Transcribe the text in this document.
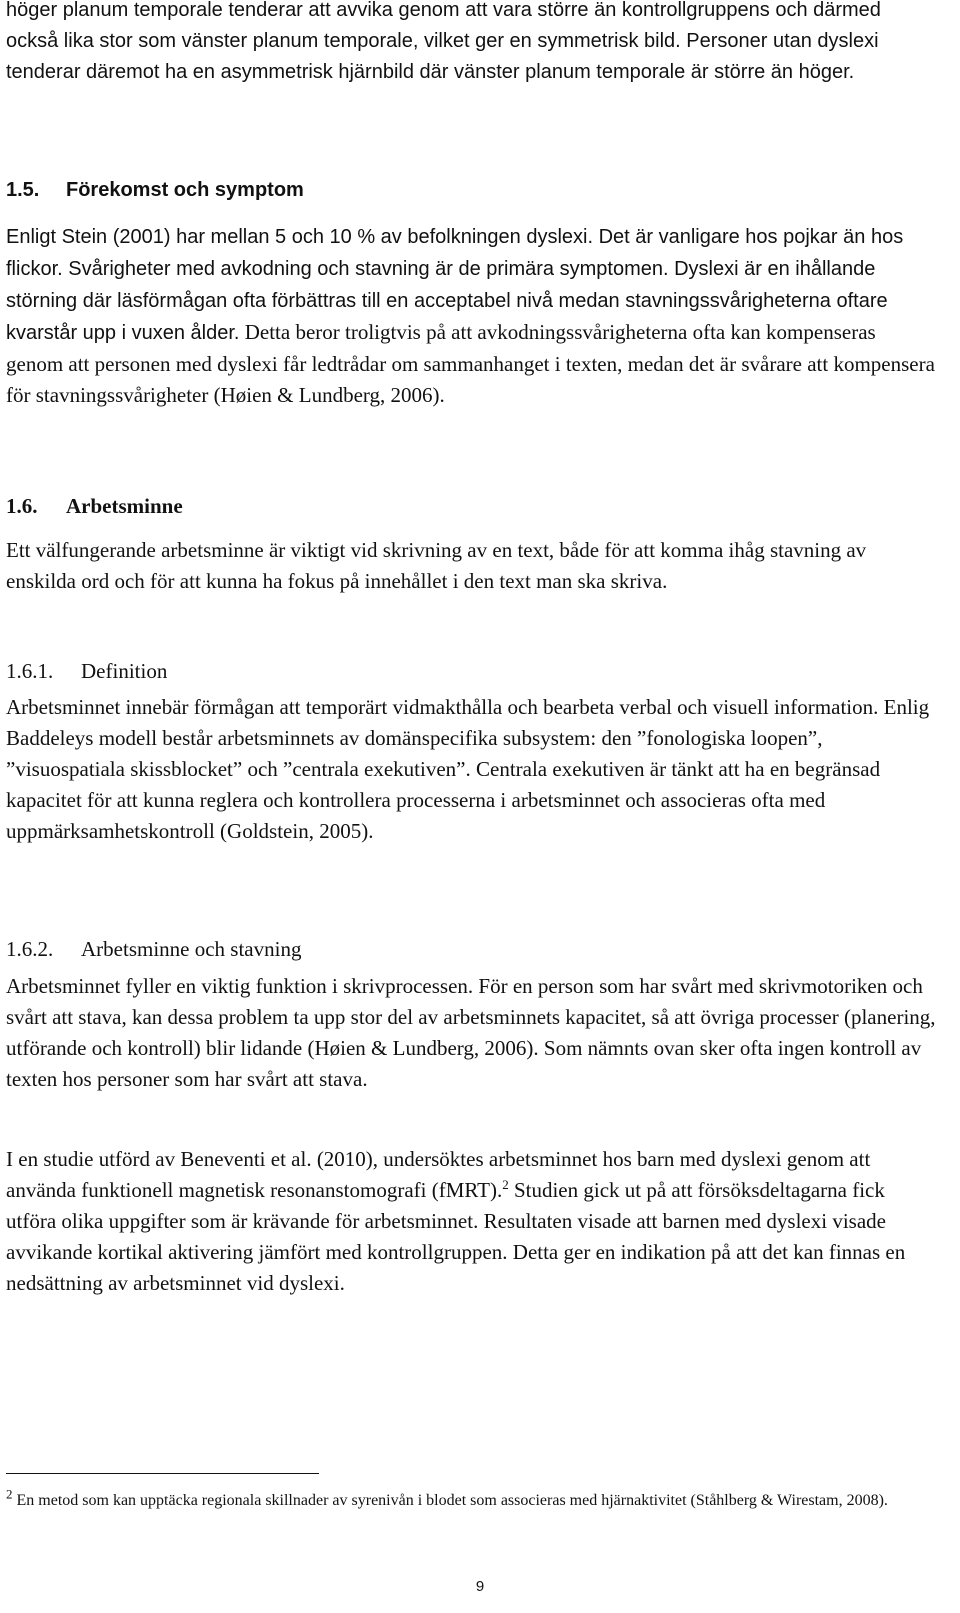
höger planum temporale tenderar att avvika genom att vara större än kontrollgruppens och därmed också lika stor som vänster planum temporale, vilket ger en symmetrisk bild. Personer utan dyslexi tenderar däremot ha en asymmetrisk hjärnbild där vänster planum temporale är större än höger.

1.5. Förekomst och symptom

Enligt Stein (2001) har mellan 5 och 10 % av befolkningen dyslexi. Det är vanligare hos pojkar än hos flickor. Svårigheter med avkodning och stavning är de primära symptomen. Dyslexi är en ihållande störning där läsförmågan ofta förbättras till en acceptabel nivå medan stavningssvårigheterna oftare kvarstår upp i vuxen ålder. Detta beror troligtvis på att avkodningssvårigheterna ofta kan kompenseras genom att personen med dyslexi får ledtrådar om sammanhanget i texten, medan det är svårare att kompensera för stavningssvårigheter (Høien & Lundberg, 2006).

1.6. Arbetsminne

Ett välfungerande arbetsminne är viktigt vid skrivning av en text, både för att komma ihåg stavning av enskilda ord och för att kunna ha fokus på innehållet i den text man ska skriva.

1.6.1. Definition

Arbetsminnet innebär förmågan att temporärt vidmakthålla och bearbeta verbal och visuell information. Enlig Baddeleys modell består arbetsminnets av domänspecifika subsystem: den ”fonologiska loopen”, ”visuospatiala skissblocket” och ”centrala exekutiven”. Centrala exekutiven är tänkt att ha en begränsad kapacitet för att kunna reglera och kontrollera processerna i arbetsminnet och associeras ofta med uppmärksamhetskontroll (Goldstein, 2005).

1.6.2. Arbetsminne och stavning

Arbetsminnet fyller en viktig funktion i skrivprocessen. För en person som har svårt med skrivmotoriken och svårt att stava, kan dessa problem ta upp stor del av arbetsminnets kapacitet, så att övriga processer (planering, utförande och kontroll) blir lidande (Høien & Lundberg, 2006). Som nämnts ovan sker ofta ingen kontroll av texten hos personer som har svårt att stava.

I en studie utförd av Beneventi et al. (2010), undersöktes arbetsminnet hos barn med dyslexi genom att använda funktionell magnetisk resonanstomografi (fMRT).$^2$ Studien gick ut på att försöksdeltagarna fick utföra olika uppgifter som är krävande för arbetsminnet. Resultaten visade att barnen med dyslexi visade avvikande kortikal aktivering jämfört med kontrollgruppen. Detta ger en indikation på att det kan finnas en nedsättning av arbetsminnet vid dyslexi.

$^2$ En metod som kan upptäcka regionala skillnader av syrenivån i blodet som associeras med hjärnaktivitet (Ståhlberg & Wirestam, 2008).

9
